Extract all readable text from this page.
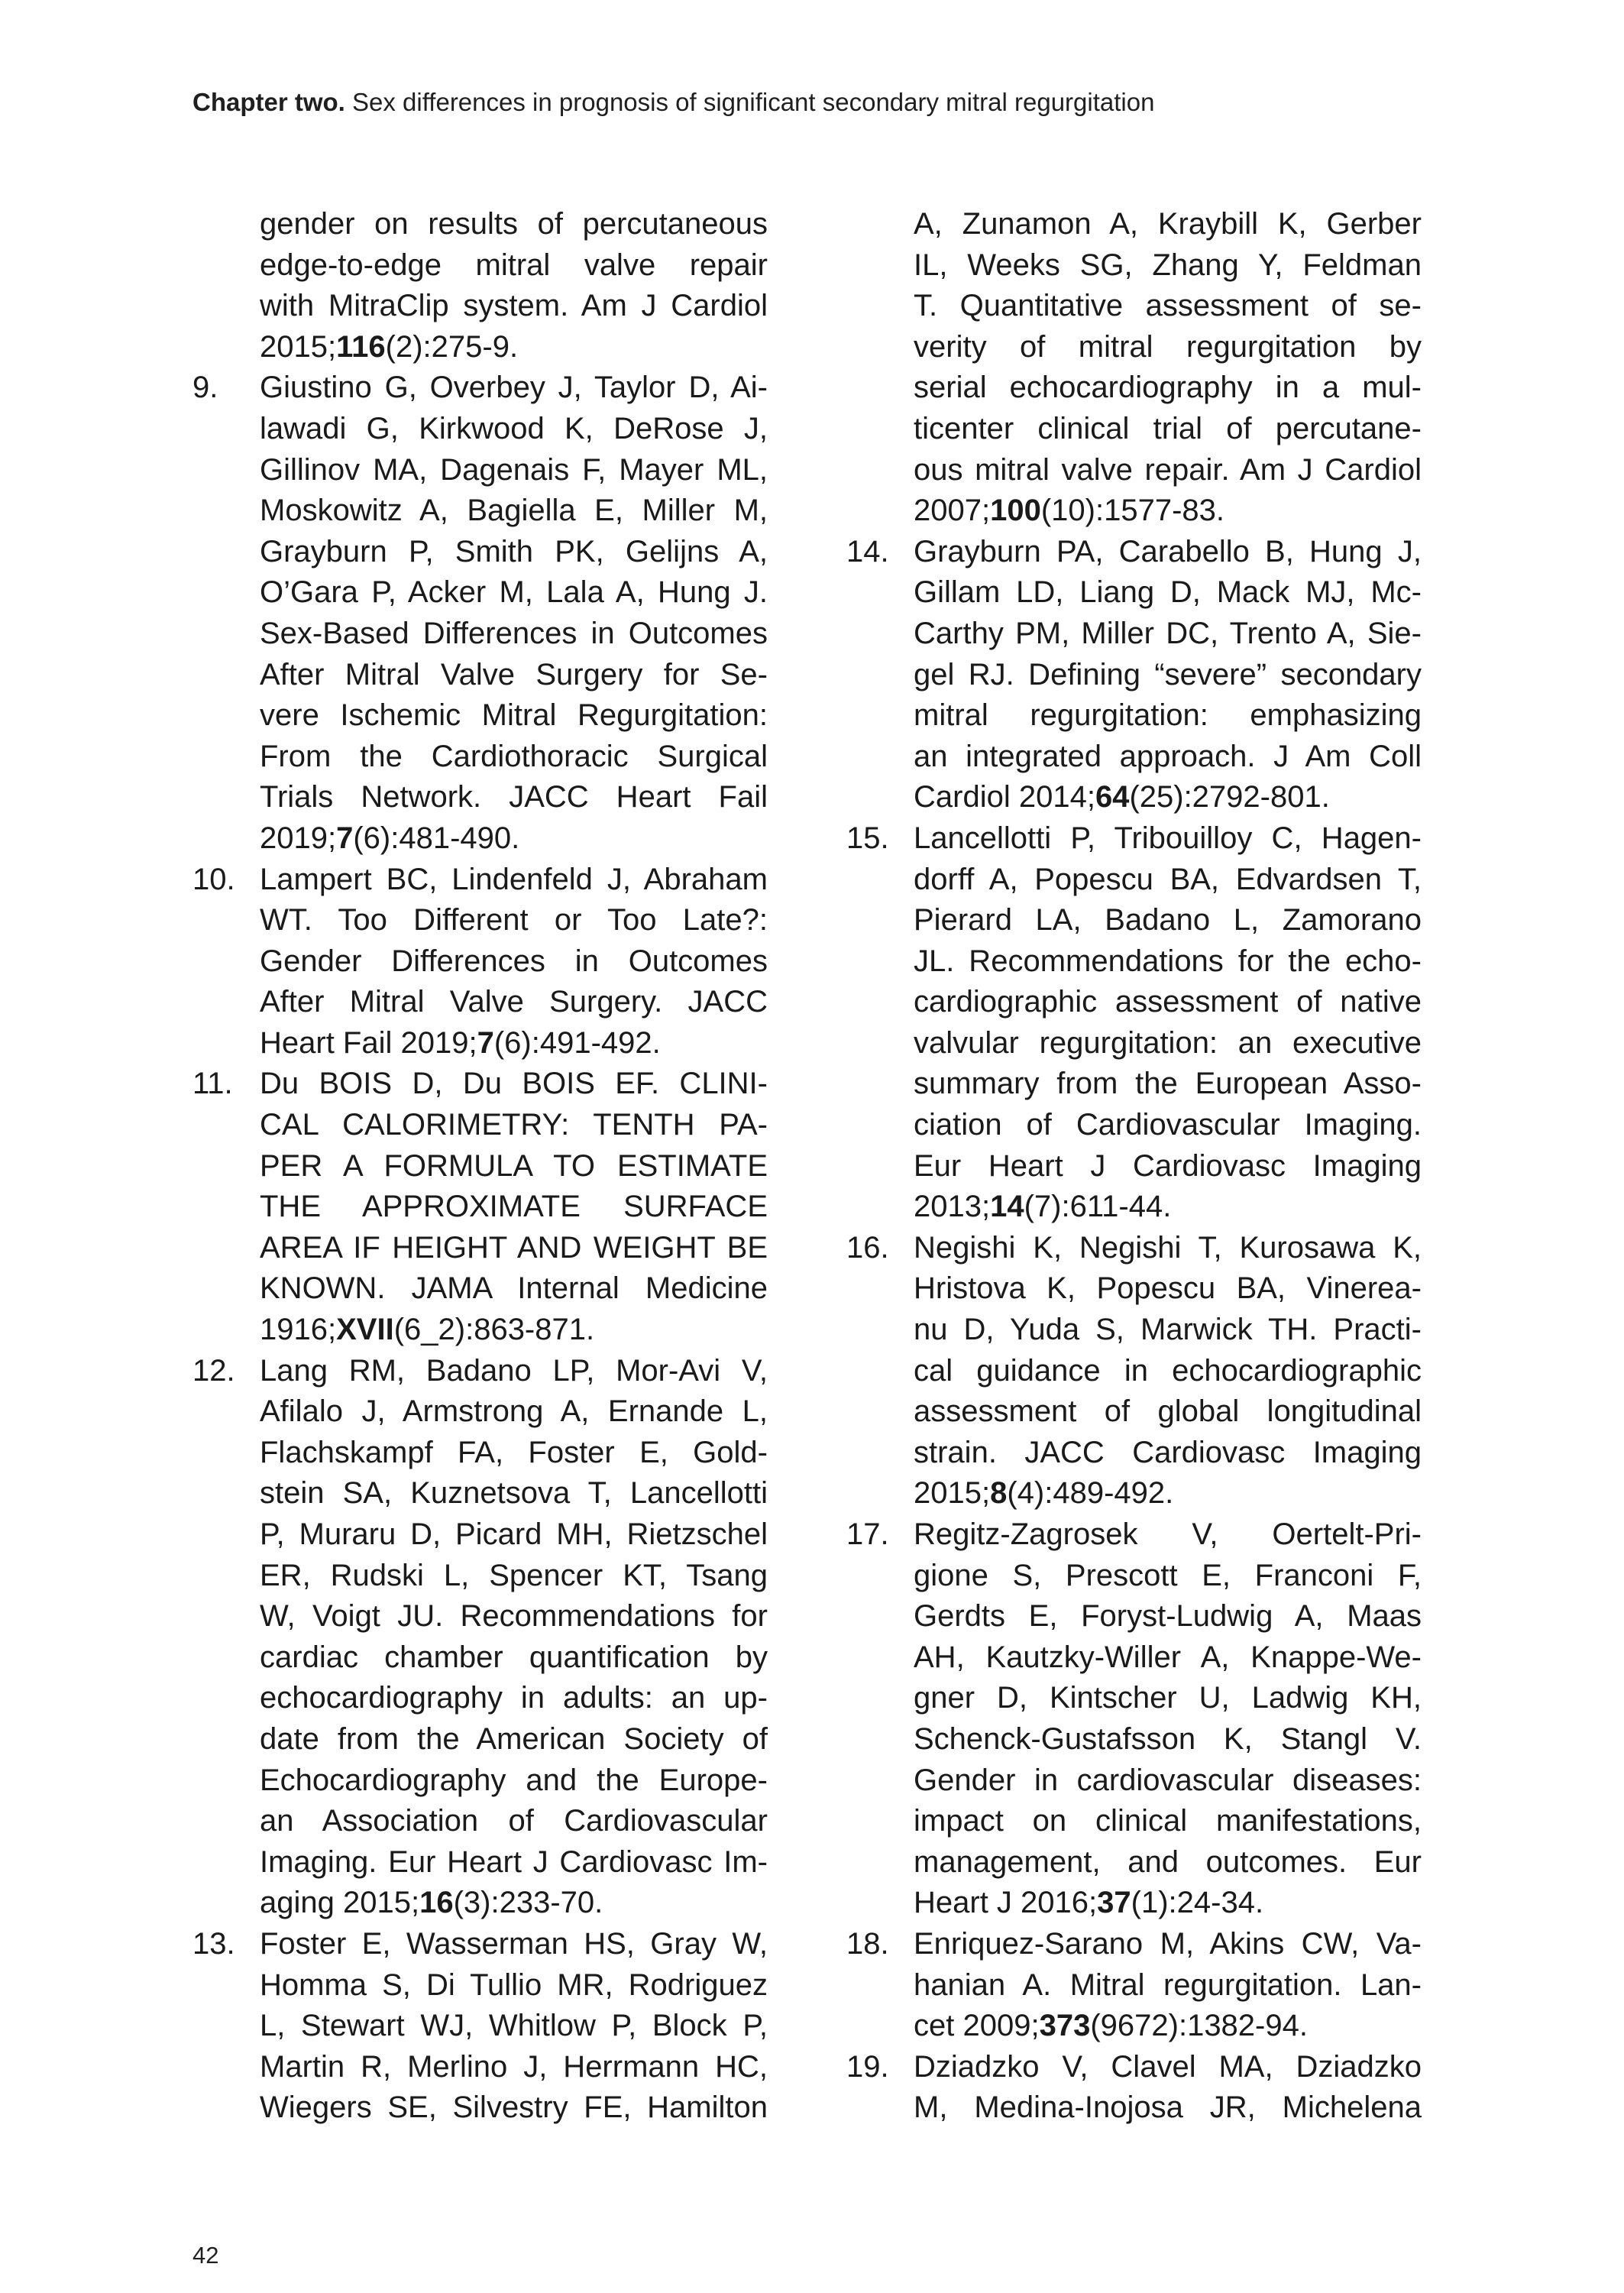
Chapter two. Sex differences in prognosis of significant secondary mitral regurgitation
gender on results of percutaneous
edge-to-edge mitral valve repair
with MitraClip system. Am J Cardiol
2015;116(2):275-9.
9. Giustino G, Overbey J, Taylor D, Ai-
lawadi G, Kirkwood K, DeRose J,
Gillinov MA, Dagenais F, Mayer ML,
Moskowitz A, Bagiella E, Miller M,
Grayburn P, Smith PK, Gelijns A,
O’Gara P, Acker M, Lala A, Hung J.
Sex-Based Differences in Outcomes
After Mitral Valve Surgery for Se-
vere Ischemic Mitral Regurgitation:
From the Cardiothoracic Surgical
Trials Network. JACC Heart Fail
2019;7(6):481-490.
10. Lampert BC, Lindenfeld J, Abraham
WT. Too Different or Too Late?:
Gender Differences in Outcomes
After Mitral Valve Surgery. JACC
Heart Fail 2019;7(6):491-492.
11. Du BOIS D, Du BOIS EF. CLINI-
CAL CALORIMETRY: TENTH PA-
PER A FORMULA TO ESTIMATE
THE APPROXIMATE SURFACE
AREA IF HEIGHT AND WEIGHT BE
KNOWN. JAMA Internal Medicine
1916;XVII(6_2):863-871.
12. Lang RM, Badano LP, Mor-Avi V,
Afilalo J, Armstrong A, Ernande L,
Flachskampf FA, Foster E, Gold-
stein SA, Kuznetsova T, Lancellotti
P, Muraru D, Picard MH, Rietzschel
ER, Rudski L, Spencer KT, Tsang
W, Voigt JU. Recommendations for
cardiac chamber quantification by
echocardiography in adults: an up-
date from the American Society of
Echocardiography and the Europe-
an Association of Cardiovascular
Imaging. Eur Heart J Cardiovasc Im-
aging 2015;16(3):233-70.
13. Foster E, Wasserman HS, Gray W,
Homma S, Di Tullio MR, Rodriguez
L, Stewart WJ, Whitlow P, Block P,
Martin R, Merlino J, Herrmann HC,
Wiegers SE, Silvestry FE, Hamilton
A, Zunamon A, Kraybill K, Gerber
IL, Weeks SG, Zhang Y, Feldman
T. Quantitative assessment of se-
verity of mitral regurgitation by
serial echocardiography in a mul-
ticenter clinical trial of percutane-
ous mitral valve repair. Am J Cardiol
2007;100(10):1577-83.
14. Grayburn PA, Carabello B, Hung J,
Gillam LD, Liang D, Mack MJ, Mc-
Carthy PM, Miller DC, Trento A, Sie-
gel RJ. Defining “severe” secondary
mitral regurgitation: emphasizing
an integrated approach. J Am Coll
Cardiol 2014;64(25):2792-801.
15. Lancellotti P, Tribouilloy C, Hagen-
dorff A, Popescu BA, Edvardsen T,
Pierard LA, Badano L, Zamorano
JL. Recommendations for the echo-
cardiographic assessment of native
valvular regurgitation: an executive
summary from the European Asso-
ciation of Cardiovascular Imaging.
Eur Heart J Cardiovasc Imaging
2013;14(7):611-44.
16. Negishi K, Negishi T, Kurosawa K,
Hristova K, Popescu BA, Vinerea-
nu D, Yuda S, Marwick TH. Practi-
cal guidance in echocardiographic
assessment of global longitudinal
strain. JACC Cardiovasc Imaging
2015;8(4):489-492.
17. Regitz-Zagrosek V, Oertelt-Pri-
gione S, Prescott E, Franconi F,
Gerdts E, Foryst-Ludwig A, Maas
AH, Kautzky-Willer A, Knappe-We-
gner D, Kintscher U, Ladwig KH,
Schenck-Gustafsson K, Stangl V.
Gender in cardiovascular diseases:
impact on clinical manifestations,
management, and outcomes. Eur
Heart J 2016;37(1):24-34.
18. Enriquez-Sarano M, Akins CW, Va-
hanian A. Mitral regurgitation. Lan-
cet 2009;373(9672):1382-94.
19. Dziadzko V, Clavel MA, Dziadzko
M, Medina-Inojosa JR, Michelena
42
